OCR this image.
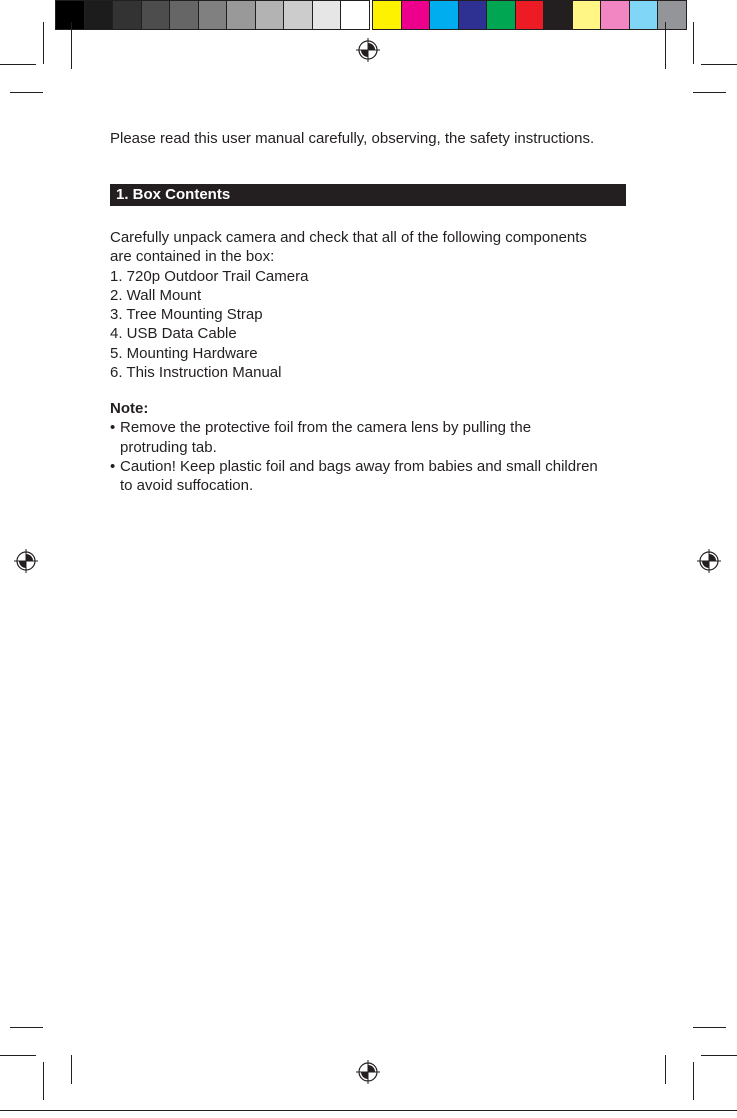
Please read this user manual carefully, observing, the safety instructions.
1. Box Contents

Carefully unpack camera and check that all of the following components

are contained in the box:

1. 720p Outdoor Trail Camera
2. Wall Mount
3. Tree Mounting Strap
4. USB Data Cable
5. Mounting Hardware
6. This Instruction Manual

Note:

• Remove the protective foil from the camera lens by pulling the
protruding tab.
• Caution! Keep plastic foil and bags away from babies and small children
to avoid suffocation.
